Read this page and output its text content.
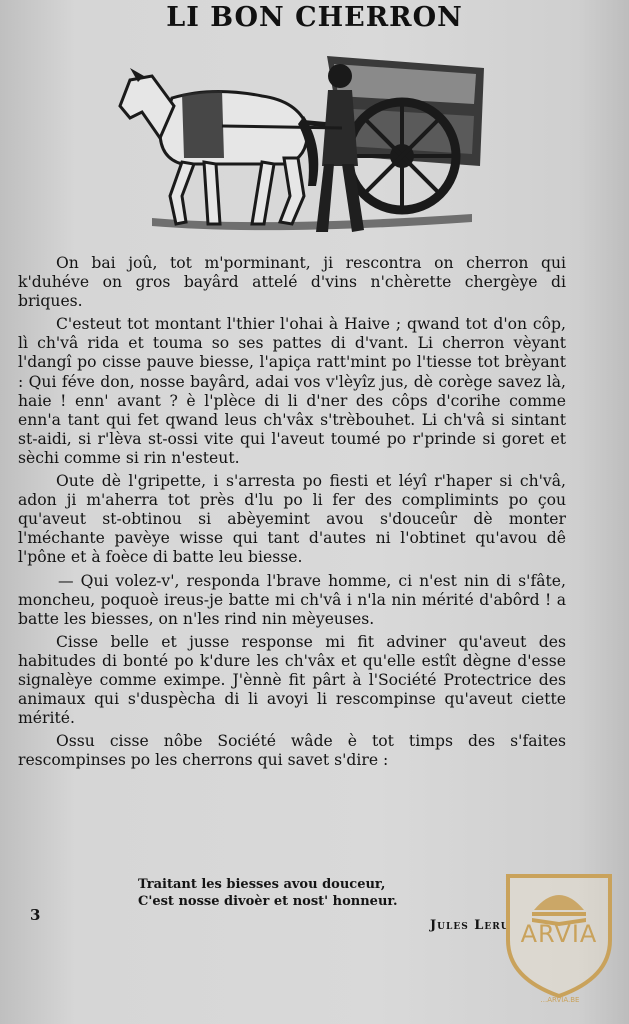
LI BON CHERRON

On bai joû, tot m'porminant, ji rescontra on cherron qui k'duhéve on gros bayârd attelé d'vins n'chèrette chergèye di briques.

C'esteut tot montant l'thier l'ohai à Haive ; qwand tot d'on côp, lì ch'vâ rida et touma so ses pattes di d'vant. Li cherron vèyant l'dangî po cisse pauve biesse, l'apiça ratt'mint po l'tiesse tot brèyant : Qui féve don, nosse bayârd, adai vos v'lèyîz jus, dè corège savez là, haie ! enn' avant ? è l'plèce di li d'ner des côps d'corihe comme enn'a tant qui fet qwand leus ch'vâx s'trèbouhet. Li ch'vâ si sintant st-aidi, si r'lèva st-ossi vite qui l'aveut toumé po r'prinde si goret et sèchi comme si rin n'esteut.

Oute dè l'gripette, i s'arresta po fiesti et léyî r'haper si ch'vâ, adon ji m'aherra tot près d'lu po li fer des complimints po çou qu'aveut st-obtinou si abèyemint avou s'douceûr dè monter l'méchante pavèye wisse qui tant d'autes ni l'obtinet qu'avou dê l'pône et à foèce di batte leu biesse.

— Qui volez-v', responda l'brave homme, ci n'est nin di s'fâte, moncheu, poquoè ireus-je batte mi ch'vâ i n'la nin mérité d'abôrd ! a batte les biesses, on n'les rind nin mèyeuses.

Cisse belle et jusse response mi fit adviner qu'aveut des habitudes di bonté po k'dure les ch'vâx et qu'elle estît dègne d'esse signalèye comme eximpe. J'ènnè fit pârt à l'Société Protectrice des animaux qui s'duspècha di li avoyi li rescompinse qu'aveut ciette mérité.

Ossu cisse nôbe Société wâde è tot timps des s'faites rescompinses po les cherrons qui savet s'dire :

Traitant les biesses avou douceur,
C'est nosse divoèr et nost' honneur.
3
Jules Leru ARVIA
...ARVIA.BE
